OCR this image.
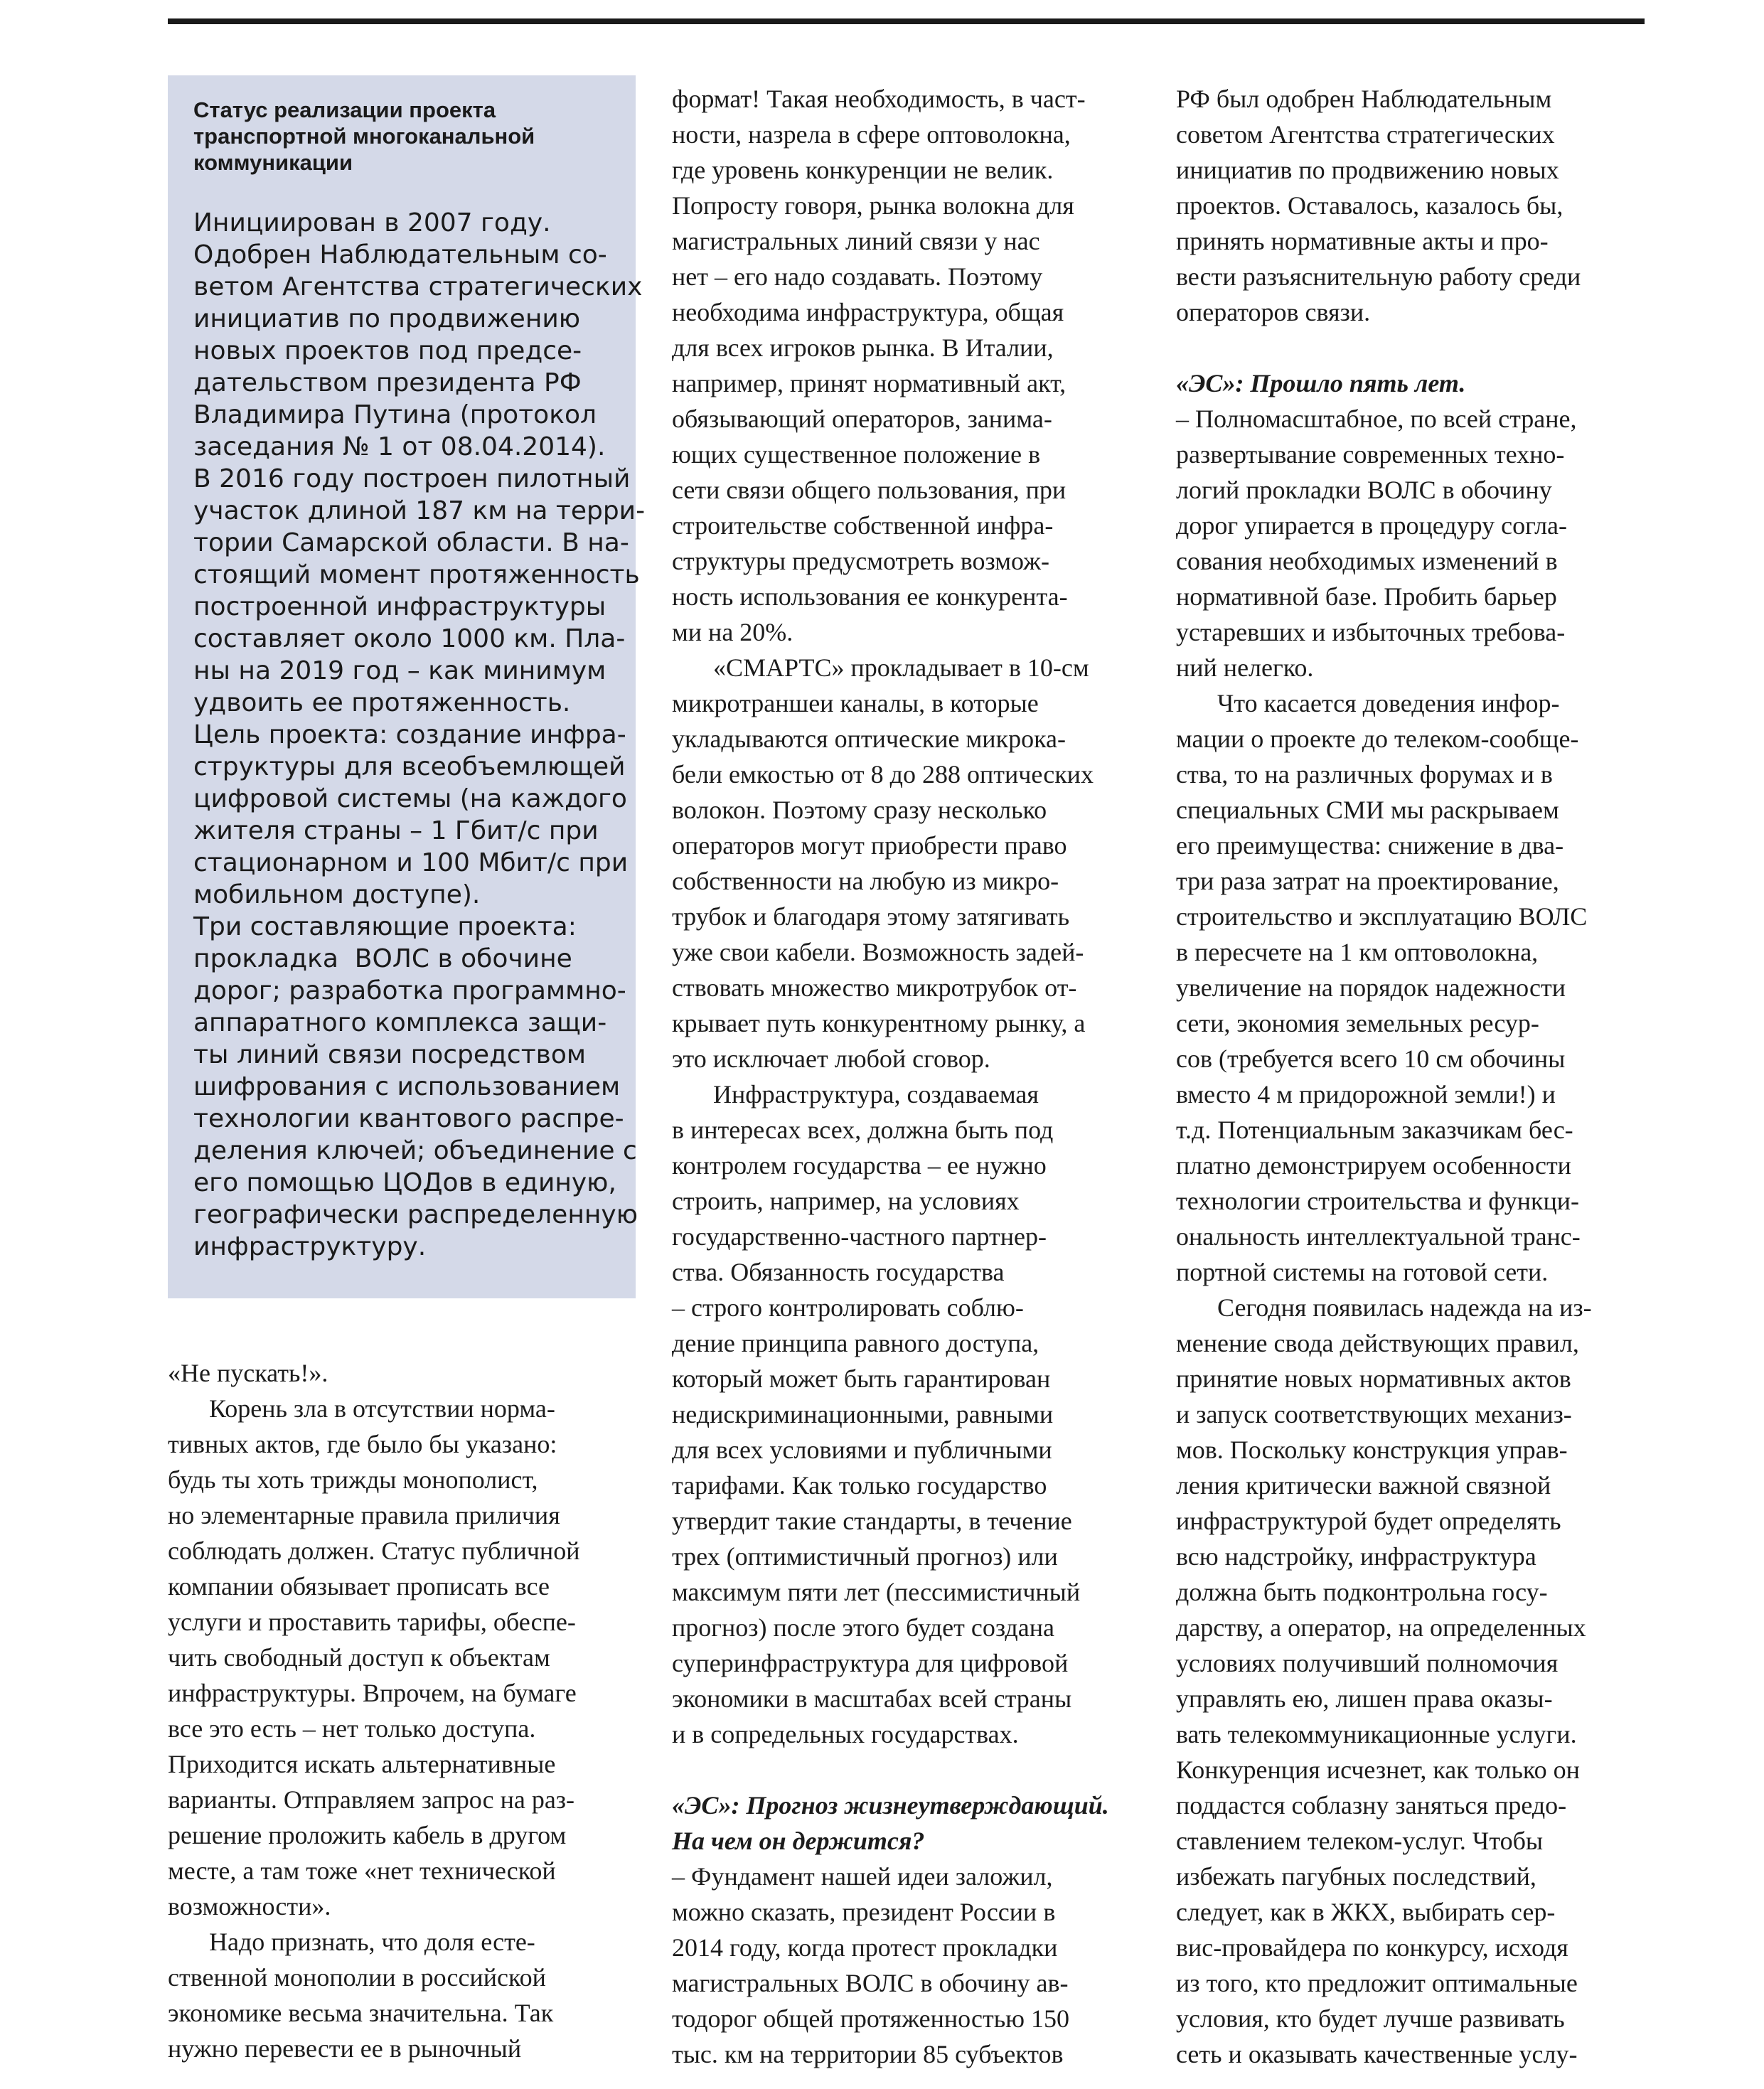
Статус реализации проекта
транспортной многоканальной
коммуникации
Инициирован в 2007 году.
Одобрен Наблюдательным со-
ветом Агентства стратегических
инициатив по продвижению
новых проектов под предсе-
дательством президента РФ
Владимира Путина (протокол
заседания № 1 от 08.04.2014).
В 2016 году построен пилотный
участок длиной 187 км на терри-
тории Самарской области. В на-
стоящий момент протяженность
построенной инфраструктуры
составляет около 1000 км. Пла-
ны на 2019 год – как минимум
удвоить ее протяженность.
Цель проекта: создание инфра-
структуры для всеобъемлющей
цифровой системы (на каждого
жителя страны – 1 Гбит/с при
стационарном и 100 Мбит/с при
мобильном доступе).
Три составляющие проекта:
прокладка  ВОЛС в обочине
дорог; разработка программно-
аппаратного комплекса защи-
ты линий связи посредством
шифрования с использованием
технологии квантового распре-
деления ключей; объединение с
его помощью ЦОДов в единую,
географически распределенную
инфраструктуру.
«Не пускать!».
Корень зла в отсутствии норма-
тивных актов, где было бы указано:
будь ты хоть трижды монополист,
но элементарные правила приличия
соблюдать должен. Статус публичной
компании обязывает прописать все
услуги и проставить тарифы, обеспе-
чить свободный доступ к объектам
инфраструктуры. Впрочем, на бумаге
все это есть – нет только доступа.
Приходится искать альтернативные
варианты. Отправляем запрос на раз-
решение проложить кабель в другом
месте, а там тоже «нет технической
возможности».
Надо признать, что доля есте-
ственной монополии в российской
экономике весьма значительна. Так
нужно перевести ее в рыночный
формат! Такая необходимость, в част-
ности, назрела в сфере оптоволокна,
где уровень конкуренции не велик.
Попросту говоря, рынка волокна для
магистральных линий связи у нас
нет – его надо создавать. Поэтому
необходима инфраструктура, общая
для всех игроков рынка. В Италии,
например, принят нормативный акт,
обязывающий операторов, занима-
ющих существенное положение в
сети связи общего пользования, при
строительстве собственной инфра-
структуры предусмотреть возмож-
ность использования ее конкурента-
ми на 20%.
«СМАРТС» прокладывает в 10-см
микротраншеи каналы, в которые
укладываются оптические микрока-
бели емкостью от 8 до 288 оптических
волокон. Поэтому сразу несколько
операторов могут приобрести право
собственности на любую из микро-
трубок и благодаря этому затягивать
уже свои кабели. Возможность задей-
ствовать множество микротрубок от-
крывает путь конкурентному рынку, а
это исключает любой сговор.
Инфраструктура, создаваемая
в интересах всех, должна быть под
контролем государства – ее нужно
строить, например, на условиях
государственно-частного партнер-
ства. Обязанность государства
– строго контролировать соблю-
дение принципа равного доступа,
который может быть гарантирован
недискриминационными, равными
для всех условиями и публичными
тарифами. Как только государство
утвердит такие стандарты, в течение
трех (оптимистичный прогноз) или
максимум пяти лет (пессимистичный
прогноз) после этого будет создана
суперинфраструктура для цифровой
экономики в масштабах всей страны
и в сопредельных государствах.
«ЭС»: Прогноз жизнеутверждающий.
На чем он держится?
– Фундамент нашей идеи заложил,
можно сказать, президент России в
2014 году, когда протест прокладки
магистральных ВОЛС в обочину ав-
тодорог общей протяженностью 150
тыс. км на территории 85 субъектов
РФ был одобрен Наблюдательным
советом Агентства стратегических
инициатив по продвижению новых
проектов. Оставалось, казалось бы,
принять нормативные акты и про-
вести разъяснительную работу среди
операторов связи.
«ЭС»: Прошло пять лет.
– Полномасштабное, по всей стране,
развертывание современных техно-
логий прокладки ВОЛС в обочину
дорог упирается в процедуру согла-
сования необходимых изменений в
нормативной базе. Пробить барьер
устаревших и избыточных требова-
ний нелегко.
Что касается доведения инфор-
мации о проекте до телеком-сообще-
ства, то на различных форумах и в
специальных СМИ мы раскрываем
его преимущества: снижение в два-
три раза затрат на проектирование,
строительство и эксплуатацию ВОЛС
в пересчете на 1 км оптоволокна,
увеличение на порядок надежности
сети, экономия земельных ресур-
сов (требуется всего 10 см обочины
вместо 4 м придорожной земли!) и
т.д. Потенциальным заказчикам бес-
платно демонстрируем особенности
технологии строительства и функци-
ональность интеллектуальной транс-
портной системы на готовой сети.
Сегодня появилась надежда на из-
менение свода действующих правил,
принятие новых нормативных актов
и запуск соответствующих механиз-
мов. Поскольку конструкция управ-
ления критически важной связной
инфраструктурой будет определять
всю надстройку, инфраструктура
должна быть подконтрольна госу-
дарству, а оператор, на определенных
условиях получивший полномочия
управлять ею, лишен права оказы-
вать телекоммуникационные услуги.
Конкуренция исчезнет, как только он
поддастся соблазну заняться предо-
ставлением телеком-услуг. Чтобы
избежать пагубных последствий,
следует, как в ЖКХ, выбирать сер-
вис-провайдера по конкурсу, исходя
из того, кто предложит оптимальные
условия, кто будет лучше развивать
сеть и оказывать качественные услу-
